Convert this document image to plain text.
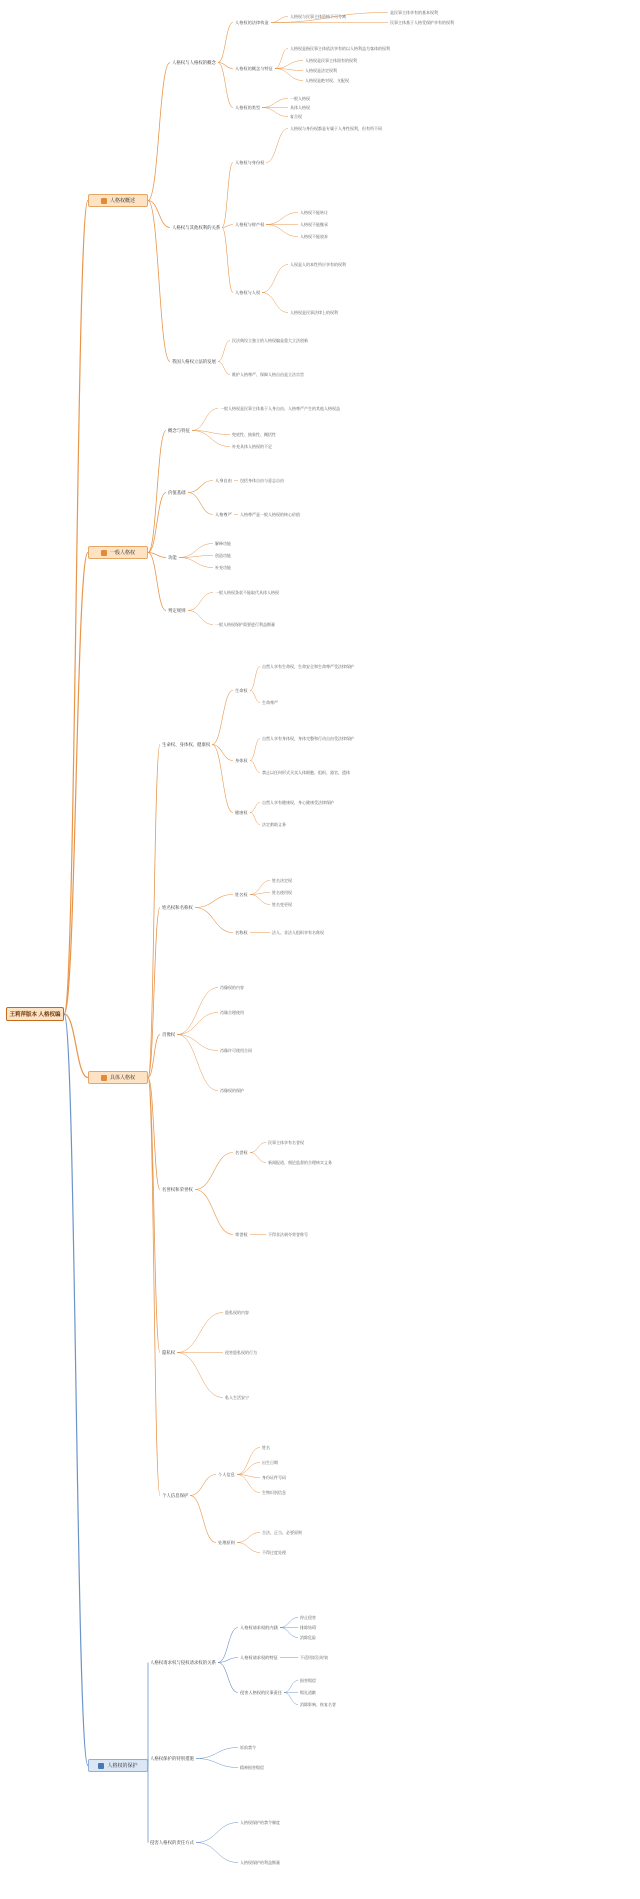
王莉萍版本 人格权编
人格权概述
一般人格权
具体人格权
人格权的保护
人格权与人格权的概念
人格权的法律构造
人格权与民事主体资格不可分离
是民事主体享有的基本权利
民事主体基于人格受保护享有的权利
人格权的概念与特征
人格权是指民事主体依法享有的以人格利益为客体的权利
人格权是民事主体固有的权利
人格权是法定权利
人格权是绝对权、支配权
人格权的类型
一般人格权
具体人格权
复合权
人格权与其他权利的关系
人格权与身份权
人格权与身份权都是专属于人身性权利，但有所不同
人格权与财产权
人格权不能转让
人格权不能继承
人格权不能放弃
人格权与人权
人权是人的本性所应享有的权利
人格权是民事法律上的权利
我国人格权立法的发展
民法典设立独立的人格权编是重大立法创新
维护人格尊严、保障人格自由是立法宗旨
概念与特征
一般人格权是民事主体基于人身自由、人格尊严产生的其他人格权益
兜底性、抽象性、概括性
补充具体人格权的不足
价值基础
人身自由 包括身体自由与意志自由
人格尊严 人格尊严是一般人格权的核心价值
功能
解释功能
创造功能
补充功能
判定规则
一般人格权条款不能取代具体人格权
一般人格权保护需要进行利益衡量
生命权、身体权、健康权
生命权
自然人享有生命权，生命安全和生命尊严受法律保护
生命尊严
身体权
自然人享有身体权，身体完整和行动自由受法律保护
禁止以任何形式买卖人体细胞、组织、器官、遗体
健康权
自然人享有健康权，身心健康受法律保护
法定救助义务
姓名权和名称权
姓名权
姓名决定权
姓名使用权
姓名变更权
名称权	法人、非法人组织享有名称权
肖像权
肖像权的内容
肖像合理使用
肖像许可使用合同
肖像权的保护
名誉权和荣誉权
名誉权
民事主体享有名誉权
新闻报道、舆论监督的合理核实义务
荣誉权	不得非法剥夺荣誉称号
隐私权
隐私权的内容
侵害隐私权的行为
私人生活安宁
个人信息保护
个人信息
姓名
出生日期
身份证件号码
生物识别信息
处理原则
合法、正当、必要原则
不得过度处理
人格权请求权与侵权请求权的关系
人格权请求权的内涵
停止侵害
排除妨碍
消除危险
人格权请求权的特征	不适用诉讼时效
侵害人格权的民事责任
损害赔偿
赔礼道歉
消除影响、恢复名誉
人格权保护的特别措施
诉前禁令
精神损害赔偿
侵害人格权的责任方式
人格权保护的禁令制度
人格权保护的利益衡量
